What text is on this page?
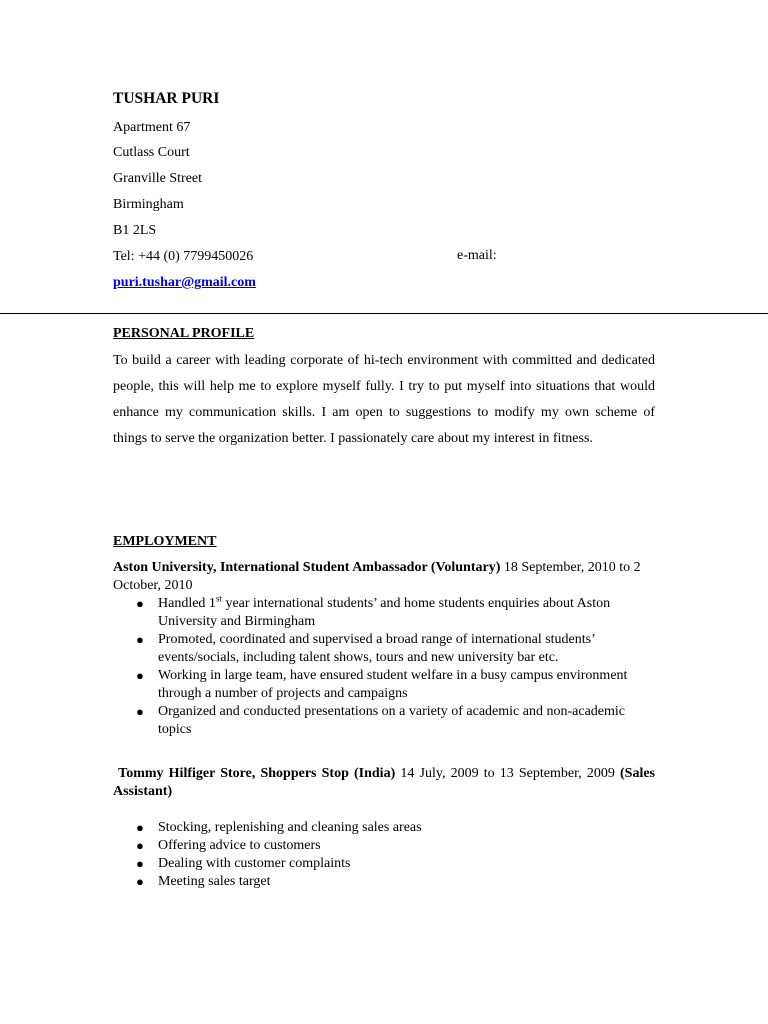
TUSHAR PURI
Apartment 67
Cutlass Court
Granville Street
Birmingham
B1 2LS
Tel: +44 (0) 7799450026	e-mail:
puri.tushar@gmail.com
PERSONAL PROFILE
To build a career with leading corporate of hi-tech environment with committed and dedicated people, this will help me to explore myself fully. I try to put myself into situations that would enhance my communication skills. I am open to suggestions to modify my own scheme of things to serve the organization better. I passionately care about my interest in fitness.
EMPLOYMENT
Aston University, International Student Ambassador (Voluntary) 18 September, 2010 to 2 October, 2010
● Handled 1st year international students’ and home students enquiries about Aston University and Birmingham
● Promoted, coordinated and supervised a broad range of international students’ events/socials, including talent shows, tours and new university bar etc.
● Working in large team, have ensured student welfare in a busy campus environment through a number of projects and campaigns
● Organized and conducted presentations on a variety of academic and non-academic topics
Tommy Hilfiger Store, Shoppers Stop (India) 14 July, 2009 to 13 September, 2009 (Sales Assistant)
● Stocking, replenishing and cleaning sales areas
● Offering advice to customers
● Dealing with customer complaints
● Meeting sales target
